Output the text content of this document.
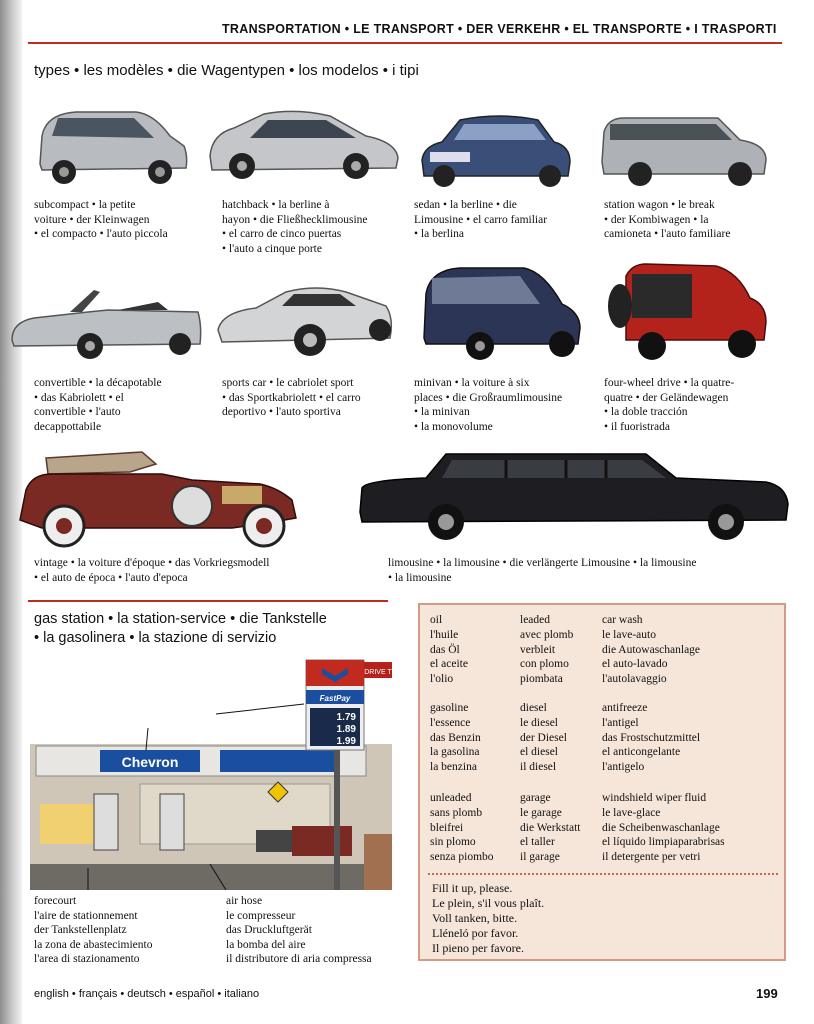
TRANSPORTATION • LE TRANSPORT • DER VERKEHR • EL TRANSPORTE • I TRASPORTI
types • les modèles • die Wagentypen • los modelos • i tipi
subcompact • la petite
voiture • der Kleinwagen
• el compacto • l'auto piccola
hatchback • la berline à
hayon • die Fließhecklimousine
• el carro de cinco puertas
• l'auto a cinque porte
sedan • la berline • die
Limousine • el carro familiar
• la berlina
station wagon • le break
• der Kombiwagen • la
camioneta • l'auto familiare
convertible • la décapotable
• das Kabriolett • el
convertible • l'auto
decappottabile
sports car • le cabriolet sport
• das Sportkabriolett • el carro
deportivo • l'auto sportiva
minivan • la voiture à six
places • die Großraumlimousine
• la minivan
• la monovolume
four-wheel drive • la quatre-
quatre • der Geländewagen
• la doble tracción
• il fuoristrada
vintage • la voiture d'époque • das Vorkriegsmodell
• el auto de época • l'auto d'epoca
limousine • la limousine • die verlängerte Limousine • la limousine
• la limousine
gas station • la station-service • die Tankstelle
• la gasolinera • la stazione di servizio
Chevron
FastPay
1.79
1.89
1.99
DRIVE T
forecourt
l'aire de stationnement
der Tankstellenplatz
la zona de abastecimiento
l'area di stazionamento
air hose
le compresseur
das Druckluftgerät
la bomba del aire
il distributore di aria compressa
oil
l'huile
das Öl
el aceite
l'olio
leaded
avec plomb
verbleit
con plomo
piombata
car wash
le lave-auto
die Autowaschanlage
el auto-lavado
l'autolavaggio
gasoline
l'essence
das Benzin
la gasolina
la benzina
diesel
le diesel
der Diesel
el diesel
il diesel
antifreeze
l'antigel
das Frostschutzmittel
el anticongelante
l'antigelo
unleaded
sans plomb
bleifrei
sin plomo
senza piombo
garage
le garage
die Werkstatt
el taller
il garage
windshield wiper fluid
le lave-glace
die Scheibenwaschanlage
el líquido limpiaparabrisas
il detergente per vetri
Fill it up, please.
Le plein, s'il vous plaît.
Voll tanken, bitte.
Lléneló por favor.
Il pieno per favore.
english • français • deutsch • español • italiano	199
